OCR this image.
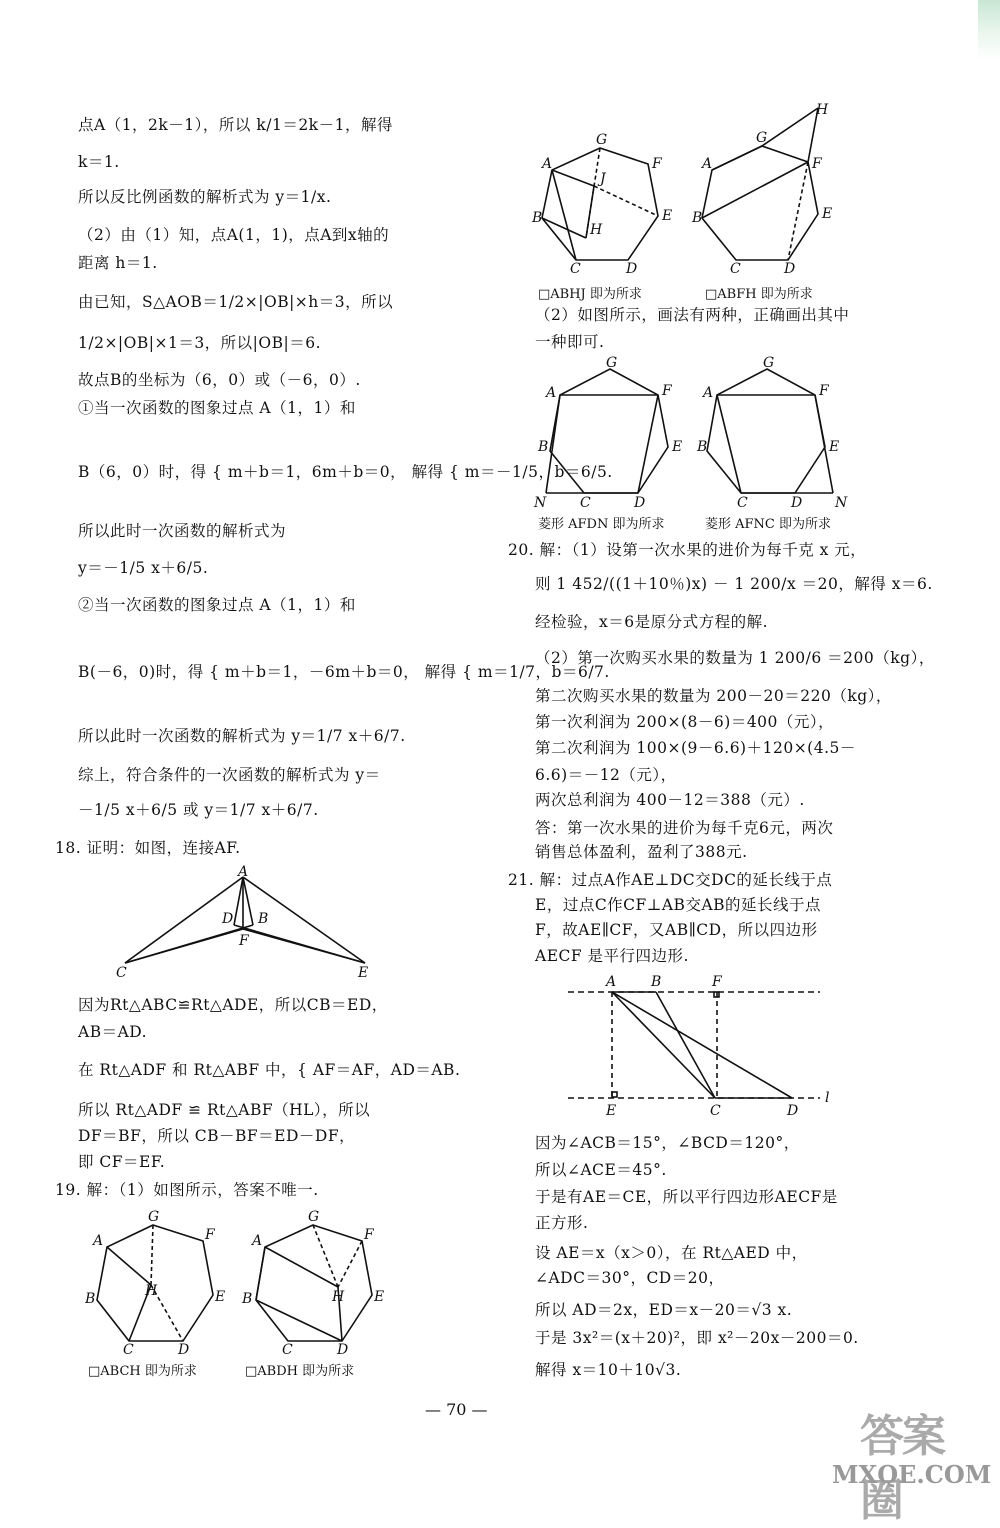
点A（1，2k－1），所以 k/1＝2k－1，解得
k＝1.
所以反比例函数的解析式为 y＝1/x.
（2）由（1）知，点A(1，1)，点A到x轴的
距离 h＝1.
由已知，S△AOB＝1/2×|OB|×h＝3，所以
1/2×|OB|×1＝3，所以|OB|＝6.
故点B的坐标为（6，0）或（－6，0）.
①当一次函数的图象过点 A（1，1）和
B（6，0）时，得 { m＋b＝1，6m＋b＝0， 解得 { m＝－1/5，b＝6/5.
所以此时一次函数的解析式为
y＝－1/5 x＋6/5.
②当一次函数的图象过点 A（1，1）和
B(－6，0)时，得 { m＋b＝1，－6m＋b＝0， 解得 { m＝1/7，b＝6/7.
所以此时一次函数的解析式为 y＝1/7 x＋6/7.
综上，符合条件的一次函数的解析式为 y＝
－1/5 x＋6/5 或 y＝1/7 x＋6/7.
18. 证明：如图，连接AF.
因为Rt△ABC≌Rt△ADE，所以CB＝ED，
AB＝AD.
在 Rt△ADF 和 Rt△ABF 中，{ AF＝AF，AD＝AB.
所以 Rt△ADF ≌ Rt△ABF（HL），所以
DF＝BF，所以 CB－BF＝ED－DF，
即 CF＝EF.
19. 解：（1）如图所示，答案不唯一.
（2）如图所示，画法有两种，正确画出其中
一种即可.
20. 解：（1）设第一次水果的进价为每千克 x 元，
则 1 452/((1＋10％)x) － 1 200/x ＝20，解得 x＝6.
经检验，x＝6是原分式方程的解.
（2）第一次购买水果的数量为 1 200/6 ＝200（kg），
第二次购买水果的数量为 200－20＝220（kg），
第一次利润为 200×(8－6)＝400（元），
第二次利润为 100×(9－6.6)＋120×(4.5－
6.6)＝－12（元），
两次总利润为 400－12＝388（元）.
答：第一次水果的进价为每千克6元，两次
销售总体盈利，盈利了388元.
21. 解：过点A作AE⊥DC交DC的延长线于点
E，过点C作CF⊥AB交AB的延长线于点
F，故AE∥CF，又AB∥CD，所以四边形
AECF 是平行四边形.
因为∠ACB＝15°，∠BCD＝120°，
所以∠ACE＝45°.
于是有AE＝CE，所以平行四边形AECF是
正方形.
设 AE＝x（x＞0），在 Rt△AED 中，
∠ADC＝30°，CD＝20，
所以 AD＝2x，ED＝x－20＝√3 x.
于是 3x²＝(x＋20)²，即 x²－20x－200＝0.
解得 x＝10＋10√3.
A
D B
F
C	E
G
F
A
H
B	E
C	D
□ABCH 即为所求
G
F
A
H
B	E
C	D
□ABDH 即为所求
G
F
A
J
H
B	E
C	D
□ABHJ 即为所求
H
G
F
A
B	E
C	D
□ABFH 即为所求
G
F
A
B	E
N C	D
菱形 AFDN 即为所求
G
F
A
B	E
C	D N
菱形 AFNC 即为所求
A B	F
E	C	D
l
— 70 —
答案圈
MXQE.COM
